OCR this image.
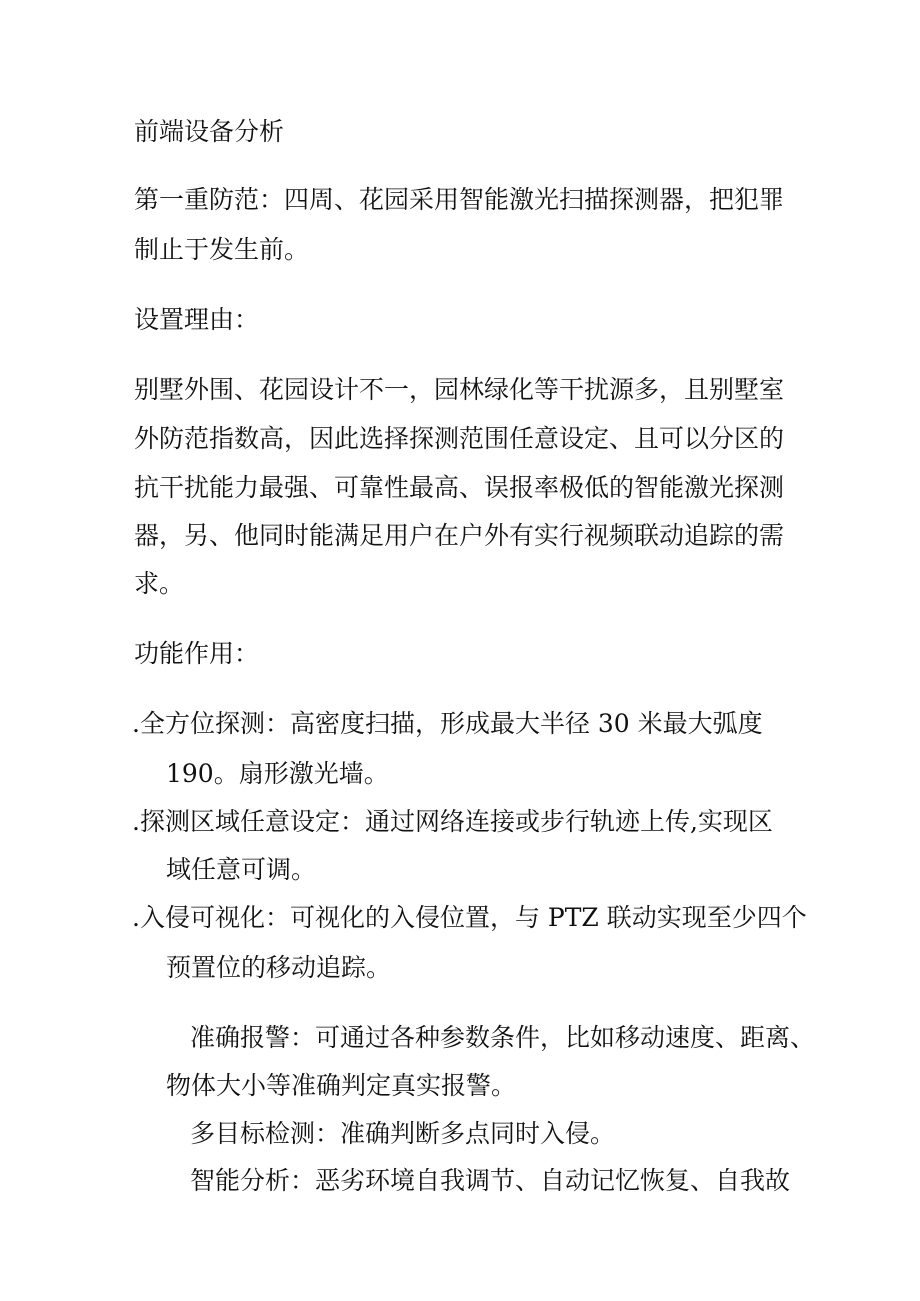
前端设备分析
第一重防范：四周、花园采用智能激光扫描探测器，把犯罪
制止于发生前。
设置理由：
别墅外围、花园设计不一，园林绿化等干扰源多，且别墅室
外防范指数高，因此选择探测范围任意设定、且可以分区的
抗干扰能力最强、可靠性最高、误报率极低的智能激光探测
器，另、他同时能满足用户在户外有实行视频联动追踪的需
求。
功能作用：
.全方位探测：高密度扫描，形成最大半径 30 米最大弧度
190。扇形激光墙。
.探测区域任意设定：通过网络连接或步行轨迹上传,实现区
域任意可调。
.入侵可视化：可视化的入侵位置，与 PTZ 联动实现至少四个
预置位的移动追踪。
准确报警：可通过各种参数条件，比如移动速度、距离、
物体大小等准确判定真实报警。
多目标检测：准确判断多点同时入侵。
智能分析：恶劣环境自我调节、自动记忆恢复、自我故
